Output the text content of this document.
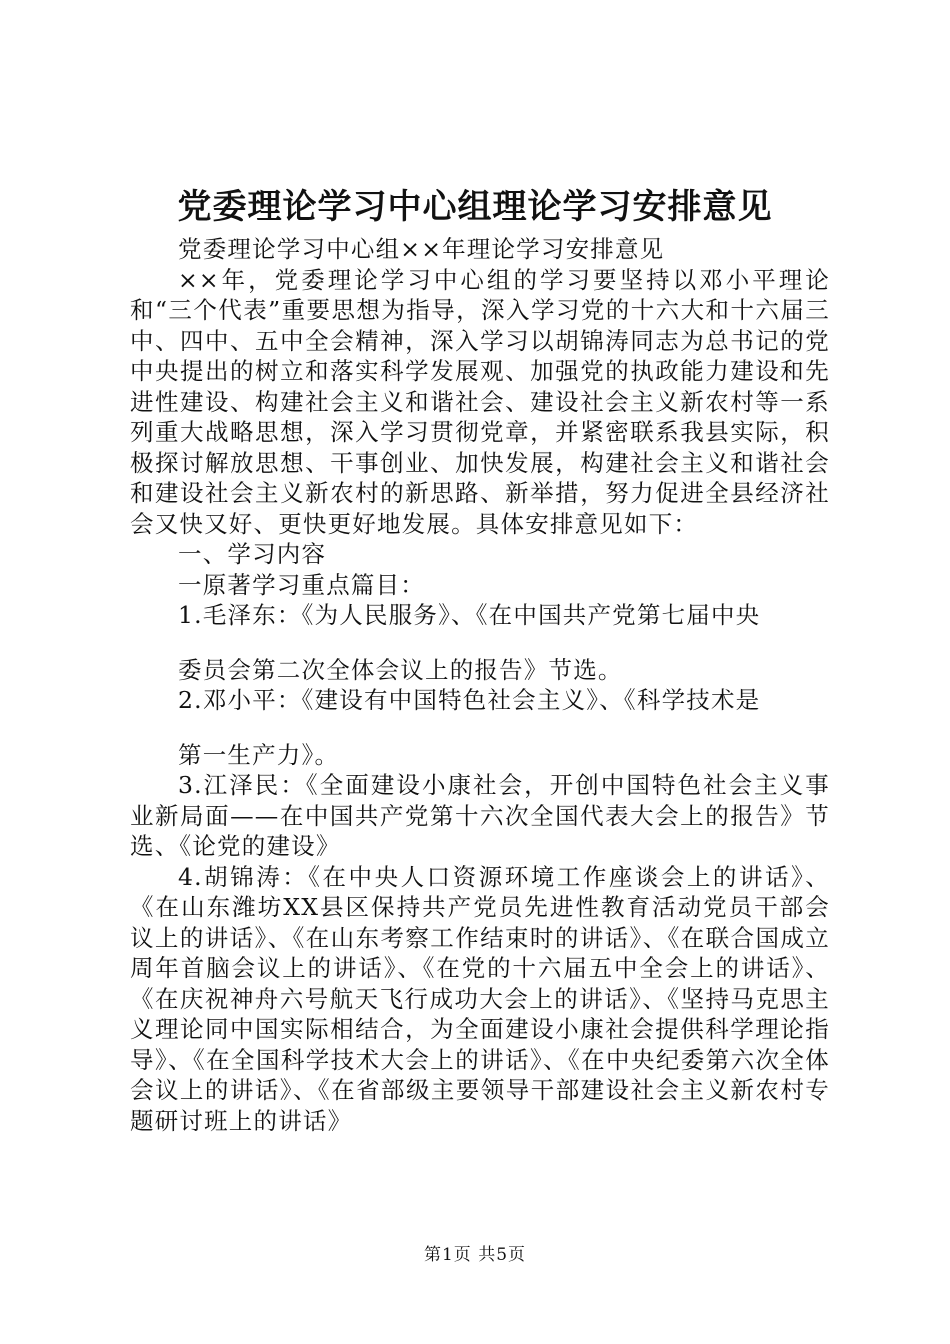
党委理论学习中心组理论学习安排意见

党委理论学习中心组××年理论学习安排意见

××年，党委理论学习中心组的学习要坚持以邓小平理论和“三个代表”重要思想为指导，深入学习党的十六大和十六届三中、四中、五中全会精神，深入学习以胡锦涛同志为总书记的党中央提出的树立和落实科学发展观、加强党的执政能力建设和先进性建设、构建社会主义和谐社会、建设社会主义新农村等一系列重大战略思想，深入学习贯彻党章，并紧密联系我县实际，积极探讨解放思想、干事创业、加快发展，构建社会主义和谐社会和建设社会主义新农村的新思路、新举措，努力促进全县经济社会又快又好、更快更好地发展。具体安排意见如下：

一、学习内容

一原著学习重点篇目：

1.毛泽东：《为人民服务》、《在中国共产党第七届中央

委员会第二次全体会议上的报告》节选。

2.邓小平：《建设有中国特色社会主义》、《科学技术是

第一生产力》。

3.江泽民：《全面建设小康社会，开创中国特色社会主义事业新局面——在中国共产党第十六次全国代表大会上的报告》节选、《论党的建设》

4.胡锦涛：《在中央人口资源环境工作座谈会上的讲话》、《在山东潍坊XX县区保持共产党员先进性教育活动党员干部会议上的讲话》、《在山东考察工作结束时的讲话》、《在联合国成立周年首脑会议上的讲话》、《在党的十六届五中全会上的讲话》、《在庆祝神舟六号航天飞行成功大会上的讲话》、《坚持马克思主义理论同中国实际相结合，为全面建设小康社会提供科学理论指导》、《在全国科学技术大会上的讲话》、《在中央纪委第六次全体会议上的讲话》、《在省部级主要领导干部建设社会主义新农村专题研讨班上的讲话》

第1页 共5页
